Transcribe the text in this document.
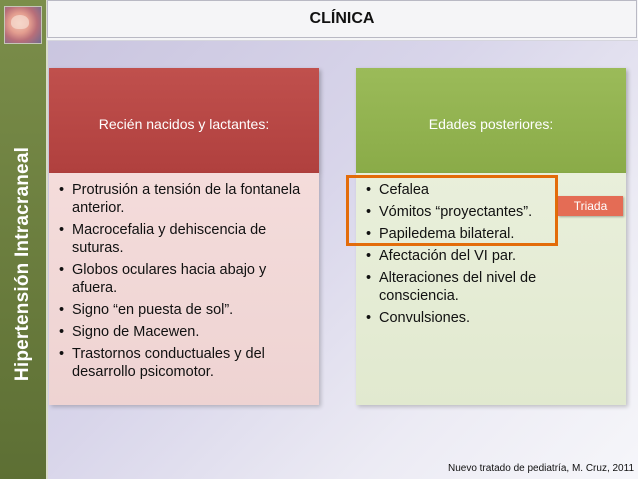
Hipertensión Intracraneal
CLÍNICA
Recién nacidos y lactantes:	Edades posteriores:
• Protrusión a tensión de la fontanela anterior.
• Macrocefalia y dehiscencia de suturas.
• Globos oculares hacia abajo y afuera.
• Signo “en puesta de sol”.
• Signo de Macewen.
• Trastornos conductuales y del desarrollo psicomotor.
• Cefalea
• Vómitos “proyectantes”.
• Papiledema bilateral.
• Afectación del VI par.
• Alteraciones del nivel de consciencia.
• Convulsiones.
Triada
Nuevo tratado de pediatría, M. Cruz, 2011
